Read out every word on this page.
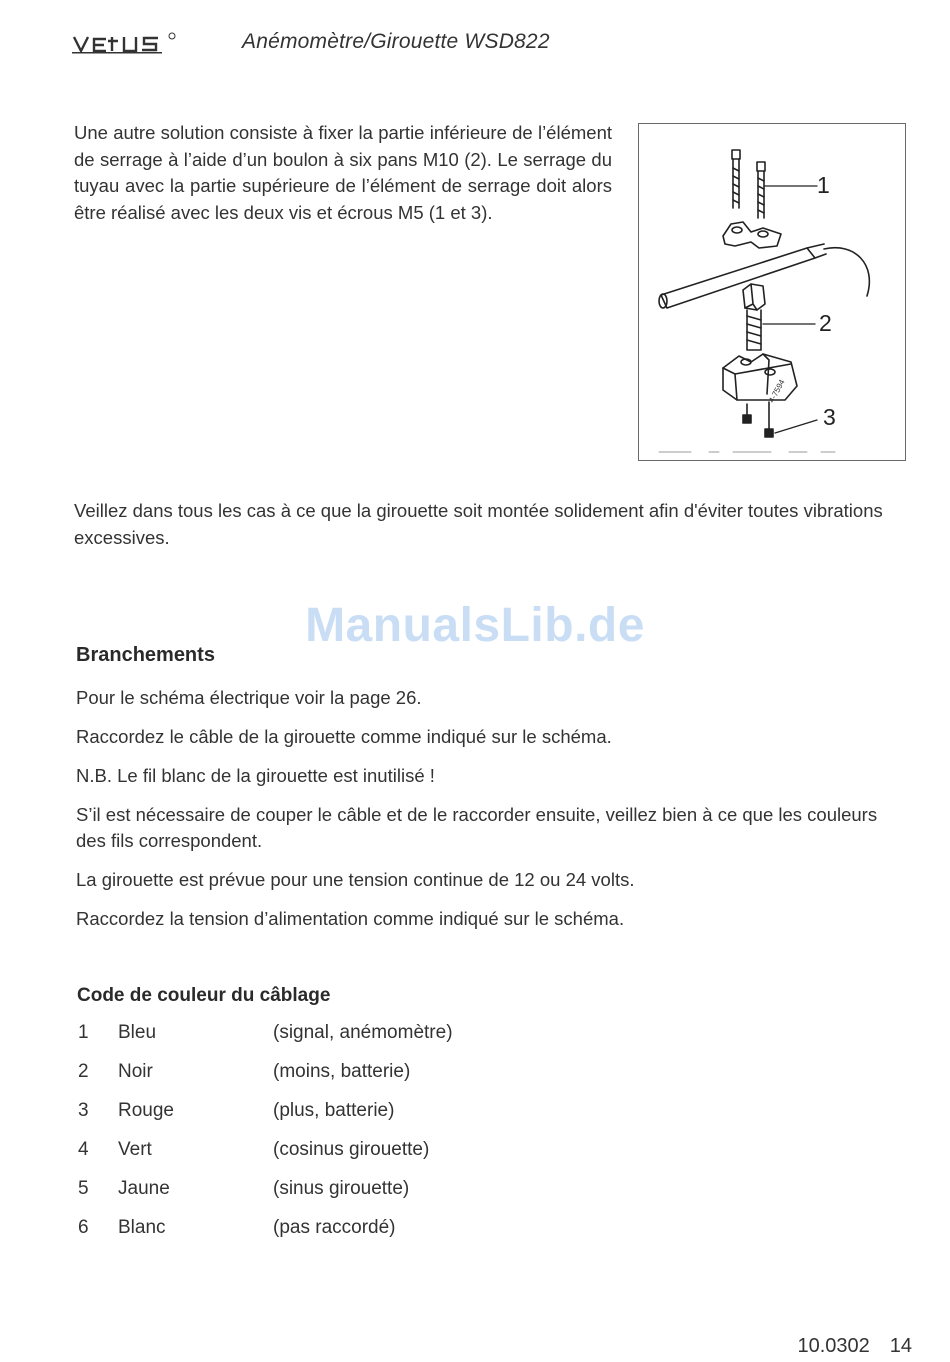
Anémomètre/Girouette WSD822
Une autre solution consiste à fixer la partie inférieure de l’élément de serrage à l’aide d’un boulon à six pans M10 (2). Le serrage du tuyau avec la partie supérieure de l’élément de serrage doit alors être réalisé avec les deux vis et écrous M5 (1 et 3).
1
2
3
4-7594
Veillez dans tous les cas à ce que la girouette soit montée solidement afin d'éviter toutes vibrations excessives.
ManualsLib.de
Branchements

Pour le schéma électrique voir la page 26.

Raccordez le câble de la girouette comme indiqué sur le schéma.

N.B. Le fil blanc de la girouette est inutilisé !

S’il est nécessaire de couper le câble et de le raccorder ensuite, veillez bien à ce que les couleurs des fils correspondent.

La girouette est prévue pour une tension continue de 12 ou 24 volts.

Raccordez la tension d’alimentation comme indiqué sur le schéma.

Code de couleur du câblage
1 Bleu	(signal, anémomètre)
2 Noir	(moins, batterie)
3 Rouge	(plus, batterie)
4 Vert	(cosinus girouette)
5 Jaune	(sinus girouette)
6 Blanc	(pas raccordé)
10.0302 14
